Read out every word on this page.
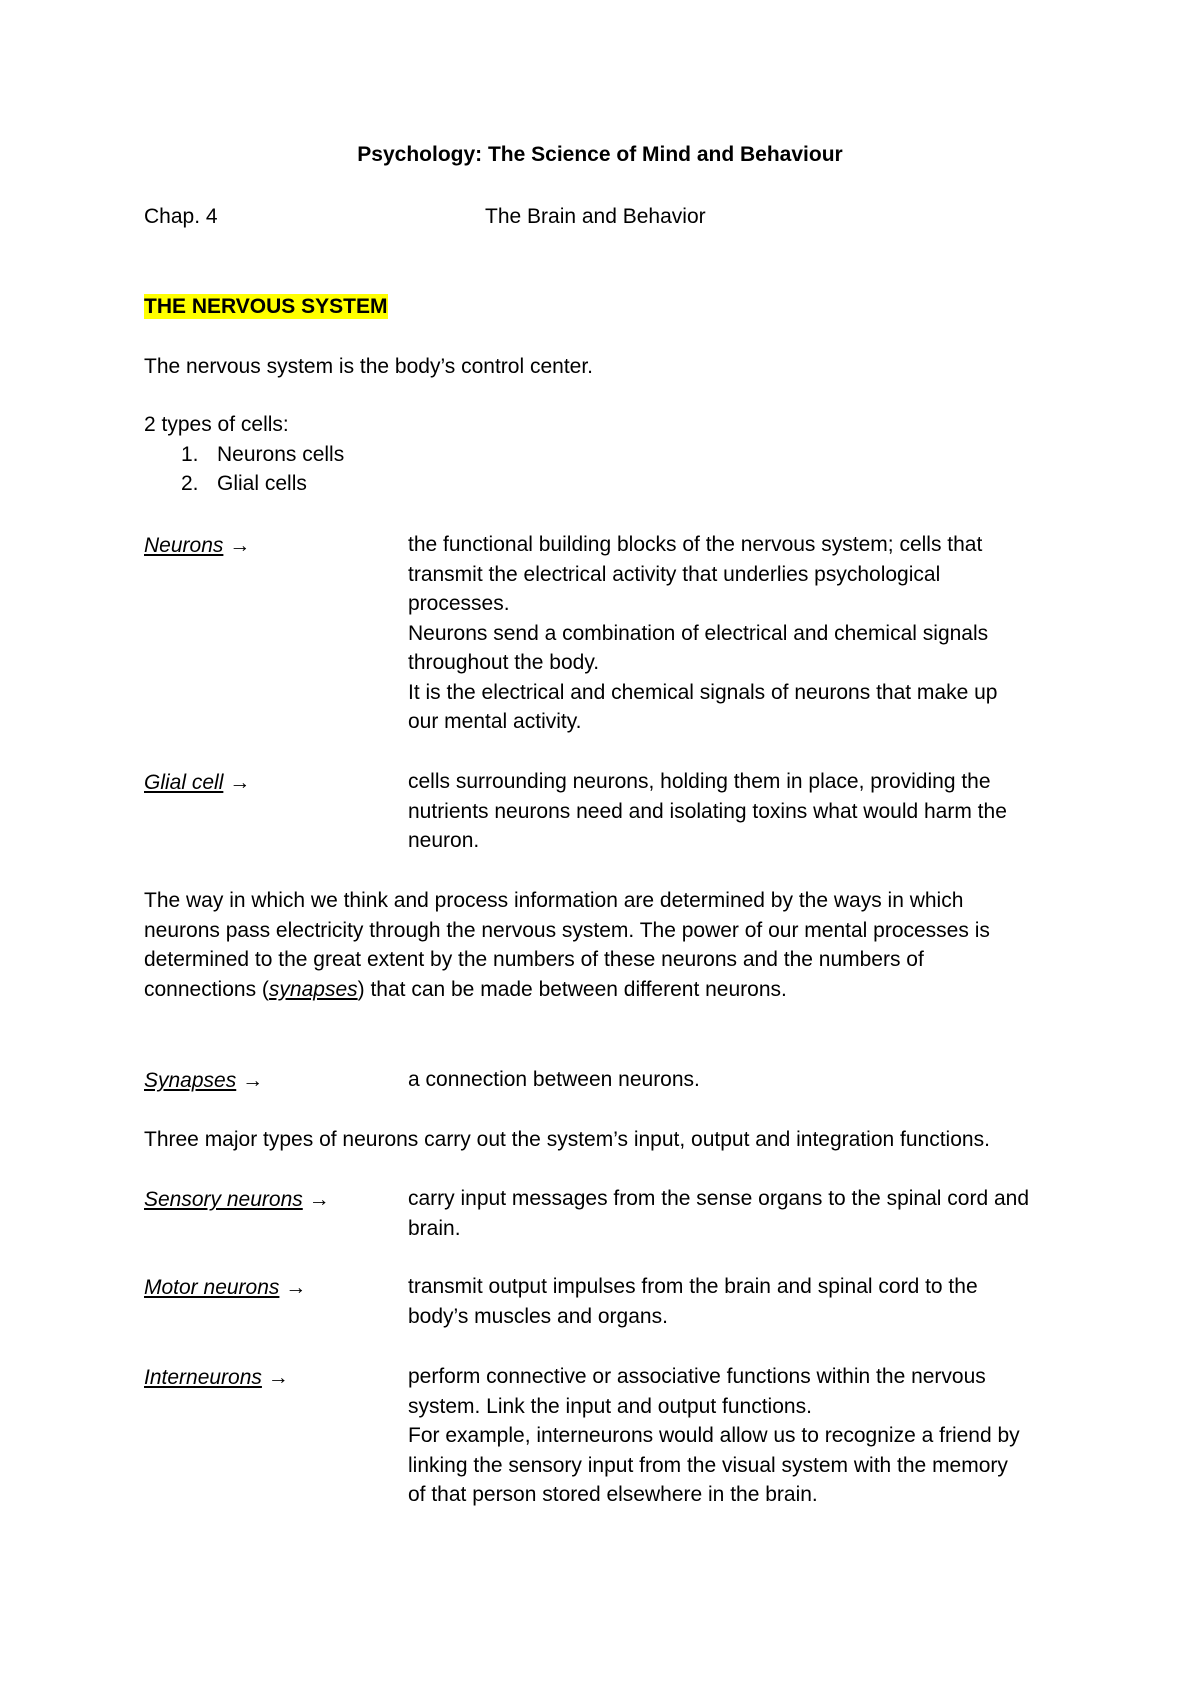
Psychology: The Science of Mind and Behaviour
Chap. 4	The Brain and Behavior
THE NERVOUS SYSTEM
The nervous system is the body’s control center.
2 types of cells:
1. Neurons cells
2. Glial cells
Neurons →	the functional building blocks of the nervous system; cells that
transmit the electrical activity that underlies psychological
processes.
Neurons send a combination of electrical and chemical signals
throughout the body.
It is the electrical and chemical signals of neurons that make up
our mental activity.
Glial cell →	cells surrounding neurons, holding them in place, providing the
nutrients neurons need and isolating toxins what would harm the
neuron.
The way in which we think and process information are determined by the ways in which
neurons pass electricity through the nervous system. The power of our mental processes is
determined to the great extent by the numbers of these neurons and the numbers of
connections (synapses) that can be made between different neurons.
Synapses →	a connection between neurons.
Three major types of neurons carry out the system’s input, output and integration functions.
Sensory neurons →	carry input messages from the sense organs to the spinal cord and
brain.
Motor neurons →	transmit output impulses from the brain and spinal cord to the
body’s muscles and organs.
Interneurons →	perform connective or associative functions within the nervous
system. Link the input and output functions.
For example, interneurons would allow us to recognize a friend by
linking the sensory input from the visual system with the memory
of that person stored elsewhere in the brain.
